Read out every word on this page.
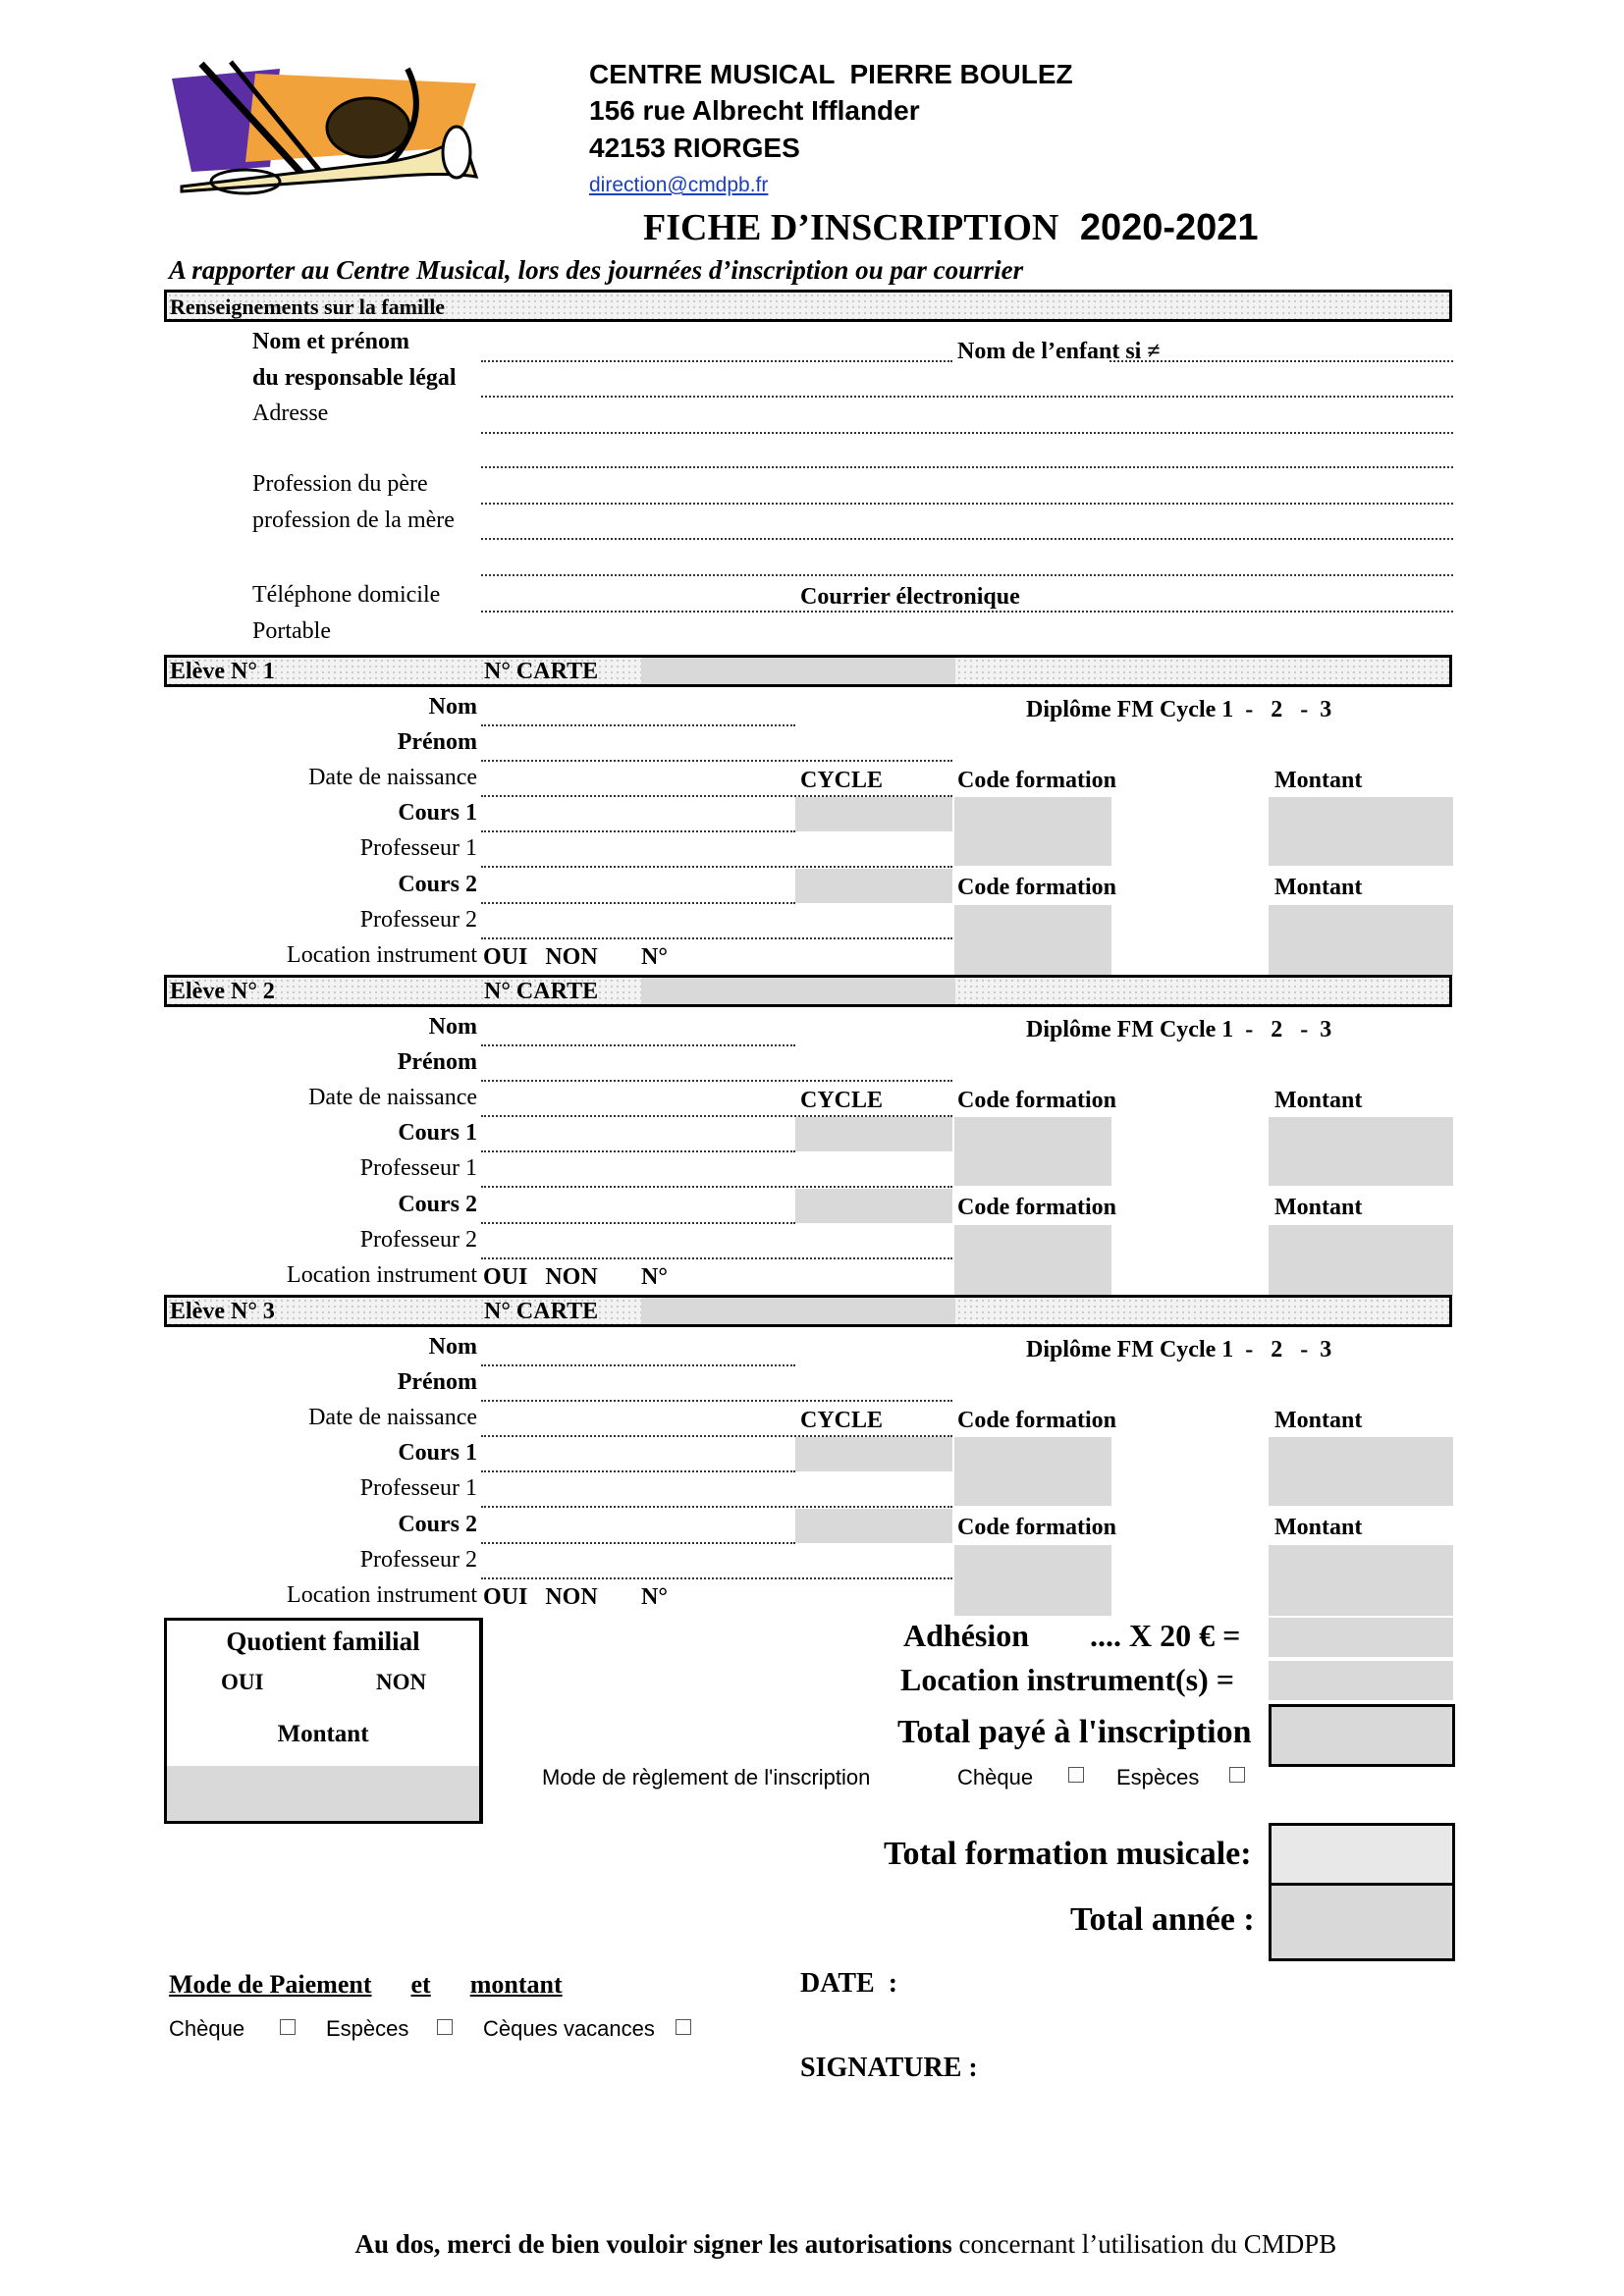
CENTRE MUSICAL  PIERRE BOULEZ
156 rue Albrecht Ifflander
42153 RIORGES
direction@cmdpb.fr
FICHE D’INSCRIPTION 2020-2021
A rapporter au Centre Musical, lors des journées d’inscription ou par courrier
Renseignements sur la famille
Nom et prénom
du responsable légal
Nom de l’enfant si ≠
Adresse
Profession du père
profession de la mère
Téléphone domicile	Courrier électronique
Portable
Elève N° 1	N° CARTE
Nom	Diplôme FM Cycle 1  -   2   -  3
Prénom
Date de naissance	CYCLE	Code formation	Montant
Cours 1
Professeur 1
Cours 2	Code formation	Montant
Professeur 2
Location instrument OUI   NON N°
Elève N° 2	N° CARTE
Nom	Diplôme FM Cycle 1  -   2   -  3
Prénom
Date de naissance	CYCLE	Code formation	Montant
Cours 1
Professeur 1
Cours 2	Code formation	Montant
Professeur 2
Location instrument OUI   NON N°
Elève N° 3	N° CARTE
Nom	Diplôme FM Cycle 1  -   2   -  3
Prénom
Date de naissance	CYCLE	Code formation	Montant
Cours 1
Professeur 1
Cours 2	Code formation	Montant
Professeur 2
Location instrument OUI   NON N°
Quotient familial
OUI	NON
Montant
Adhésion .... X 20 € =
Location instrument(s) =
Total payé à l'inscription
Mode de règlement de l'inscription	Chèque	Espèces
Total formation musicale:
Total année :
Mode de Paiement et montant
Chèque	Espèces	Cèques vacances
DATE  :
SIGNATURE :

Au dos, merci de bien vouloir signer les autorisations concernant l’utilisation du CMDPB
